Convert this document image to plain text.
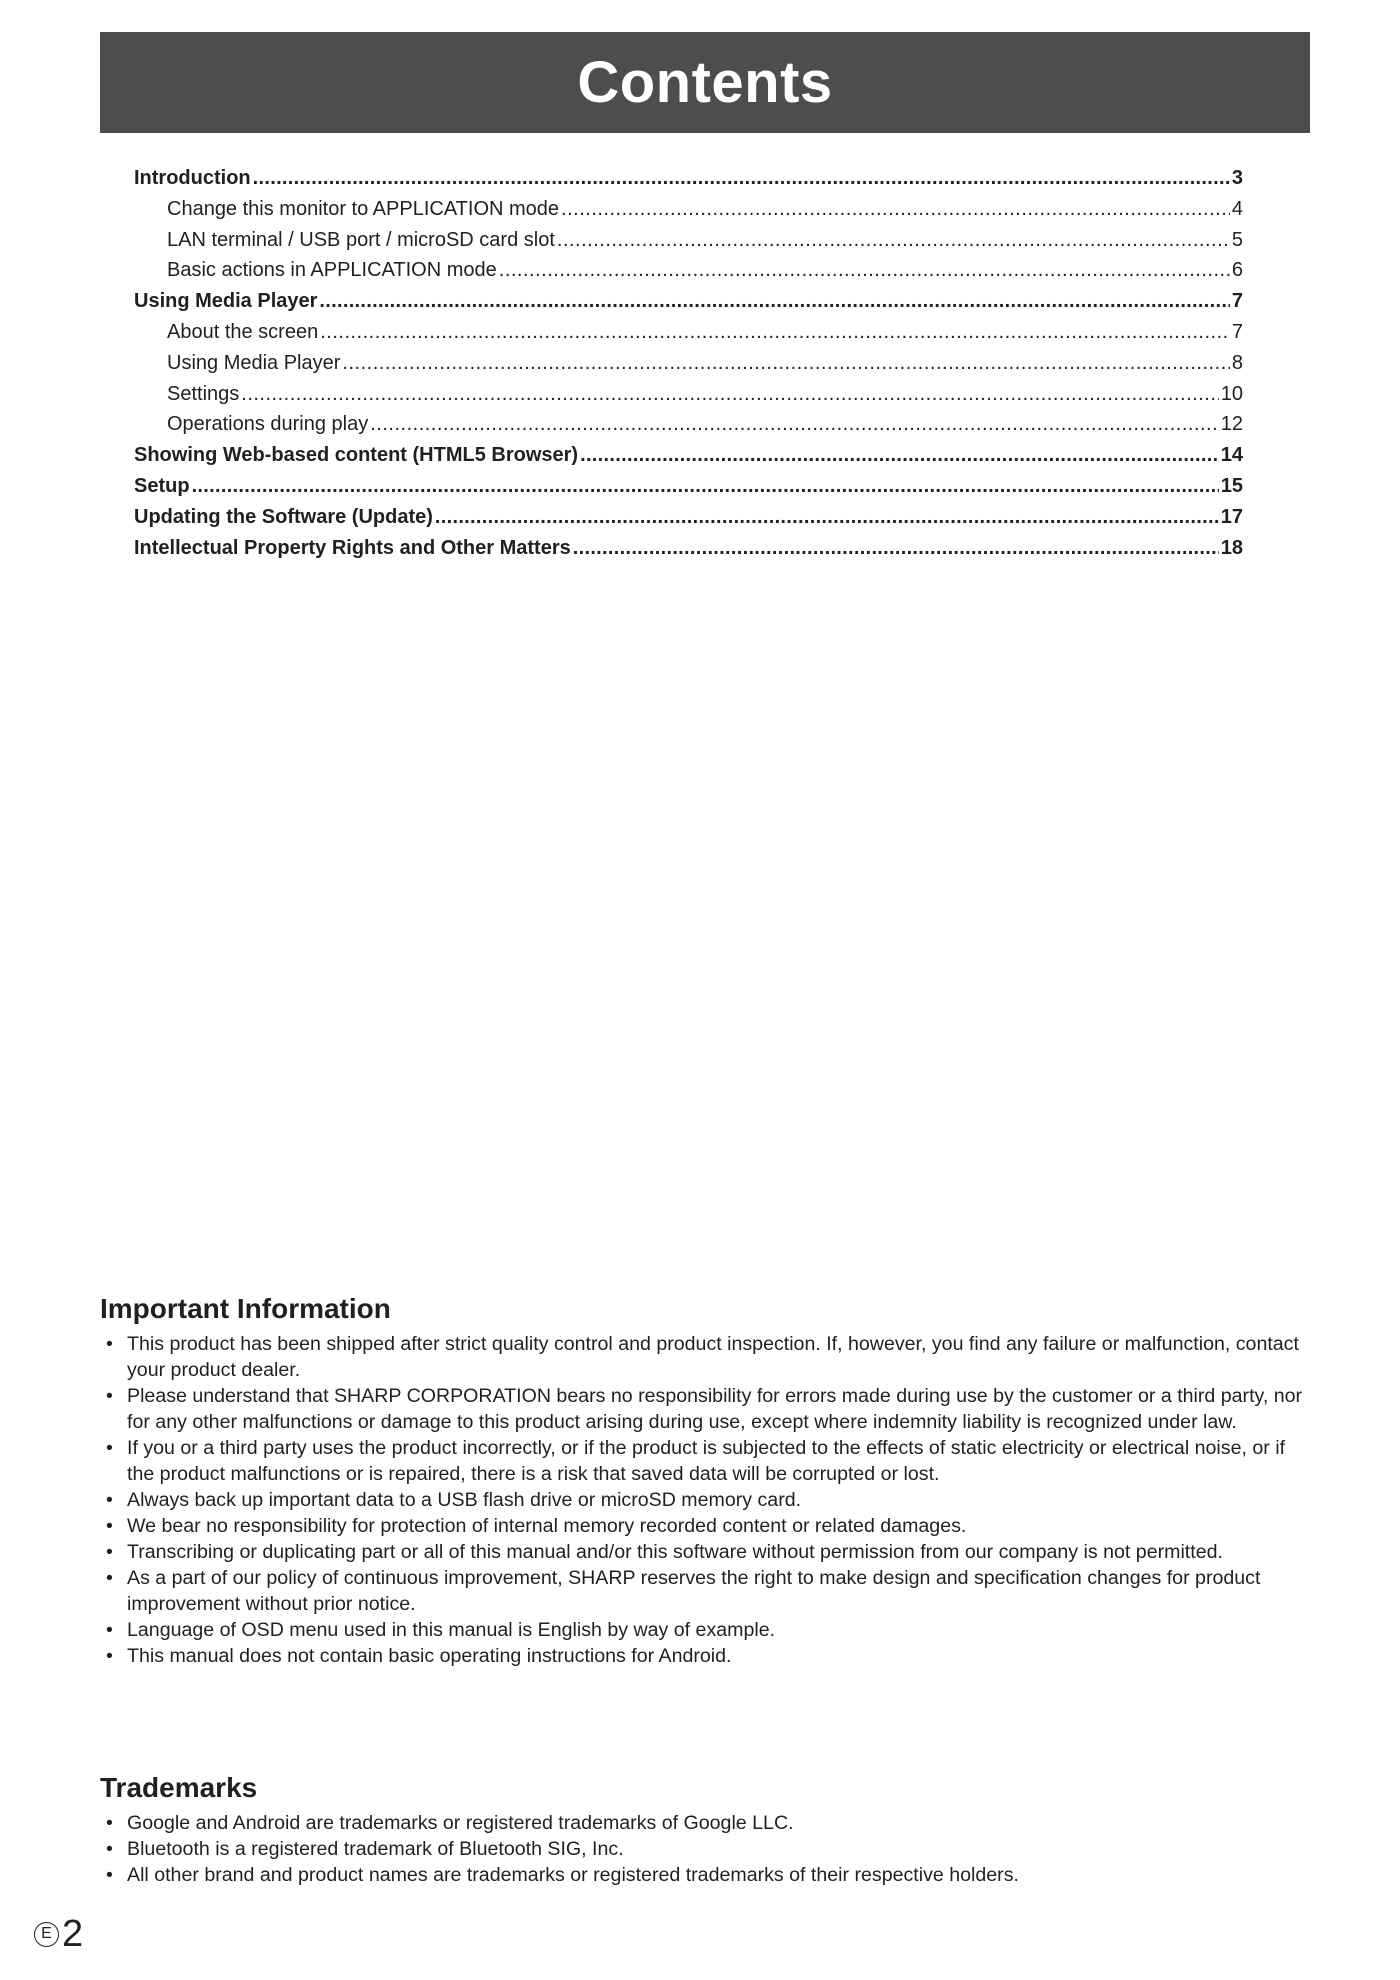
Contents
Introduction .....	3
Change this monitor to APPLICATION mode .....	4
LAN terminal / USB port / microSD card slot .....	5
Basic actions in APPLICATION mode .....	6
Using Media Player .....	7
About the screen .....	7
Using Media Player .....	8
Settings .....	10
Operations during play .....	12
Showing Web-based content (HTML5 Browser) .....	14
Setup .....	15
Updating the Software (Update) .....	17
Intellectual Property Rights and Other Matters .....	18
Important Information
• This product has been shipped after strict quality control and product inspection. If, however, you find any failure or malfunction, contact your product dealer.
• Please understand that SHARP CORPORATION bears no responsibility for errors made during use by the customer or a third party, nor for any other malfunctions or damage to this product arising during use, except where indemnity liability is recognized under law.
• If you or a third party uses the product incorrectly, or if the product is subjected to the effects of static electricity or electrical noise, or if the product malfunctions or is repaired, there is a risk that saved data will be corrupted or lost.
• Always back up important data to a USB flash drive or microSD memory card.
• We bear no responsibility for protection of internal memory recorded content or related damages.
• Transcribing or duplicating part or all of this manual and/or this software without permission from our company is not permitted.
• As a part of our policy of continuous improvement, SHARP reserves the right to make design and specification changes for product improvement without prior notice.
• Language of OSD menu used in this manual is English by way of example.
• This manual does not contain basic operating instructions for Android.
Trademarks
• Google and Android are trademarks or registered trademarks of Google LLC.
• Bluetooth is a registered trademark of Bluetooth SIG, Inc.
• All other brand and product names are trademarks or registered trademarks of their respective holders.
E 2
